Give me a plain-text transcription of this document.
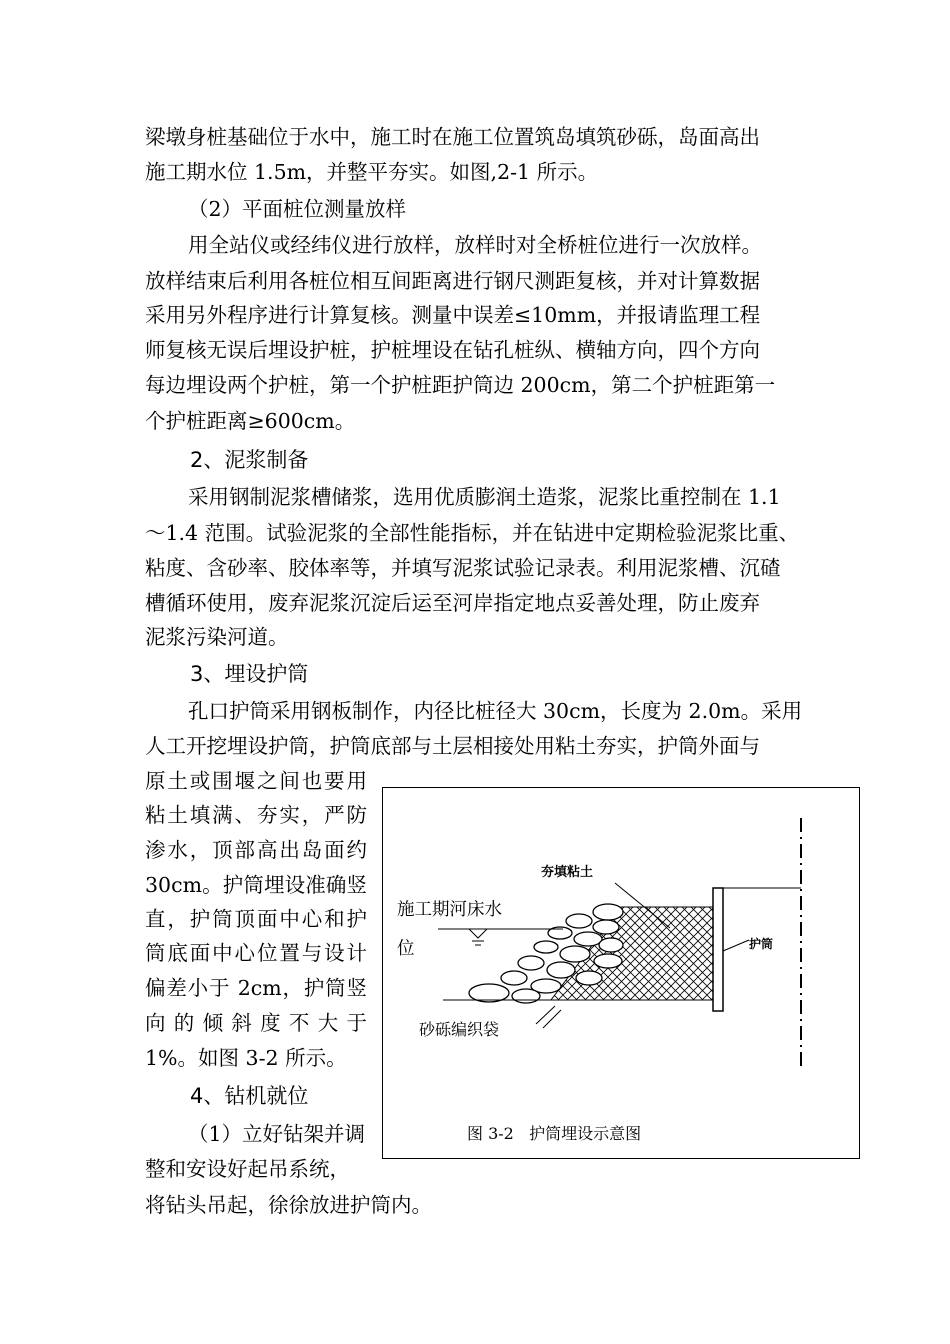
梁墩身桩基础位于水中，施工时在施工位置筑岛填筑砂砾，岛面高出
施工期水位 1.5m，并整平夯实。如图,2-1 所示。
（2）平面桩位测量放样
用全站仪或经纬仪进行放样，放样时对全桥桩位进行一次放样。
放样结束后利用各桩位相互间距离进行钢尺测距复核，并对计算数据
采用另外程序进行计算复核。测量中误差≤10mm，并报请监理工程
师复核无误后埋设护桩，护桩埋设在钻孔桩纵、横轴方向，四个方向
每边埋设两个护桩，第一个护桩距护筒边 200cm，第二个护桩距第一
个护桩距离≥600cm。
2、泥浆制备
采用钢制泥浆槽储浆，选用优质膨润土造浆，泥浆比重控制在 1.1
～1.4 范围。试验泥浆的全部性能指标，并在钻进中定期检验泥浆比重、
粘度、含砂率、胶体率等，并填写泥浆试验记录表。利用泥浆槽、沉碴
槽循环使用，废弃泥浆沉淀后运至河岸指定地点妥善处理，防止废弃
泥浆污染河道。
3、埋设护筒
孔口护筒采用钢板制作，内径比桩径大 30cm，长度为 2.0m。采用
人工开挖埋设护筒，护筒底部与土层相接处用粘土夯实，护筒外面与
原土或围堰之间也要用
粘土填满、夯实，严防
渗水，顶部高出岛面约
30cm。护筒埋设准确竖
直，护筒顶面中心和护
筒底面中心位置与设计
偏差小于 2cm，护筒竖
向 的 倾 斜 度 不 大 于
1%。如图 3-2 所示。
4、钻机就位
（1）立好钻架并调
整和安设好起吊系统，
将钻头吊起，徐徐放进护筒内。
夯填粘土
施工期河床水
位	护筒
砂砾编织袋
图 3-2   护筒埋设示意图
